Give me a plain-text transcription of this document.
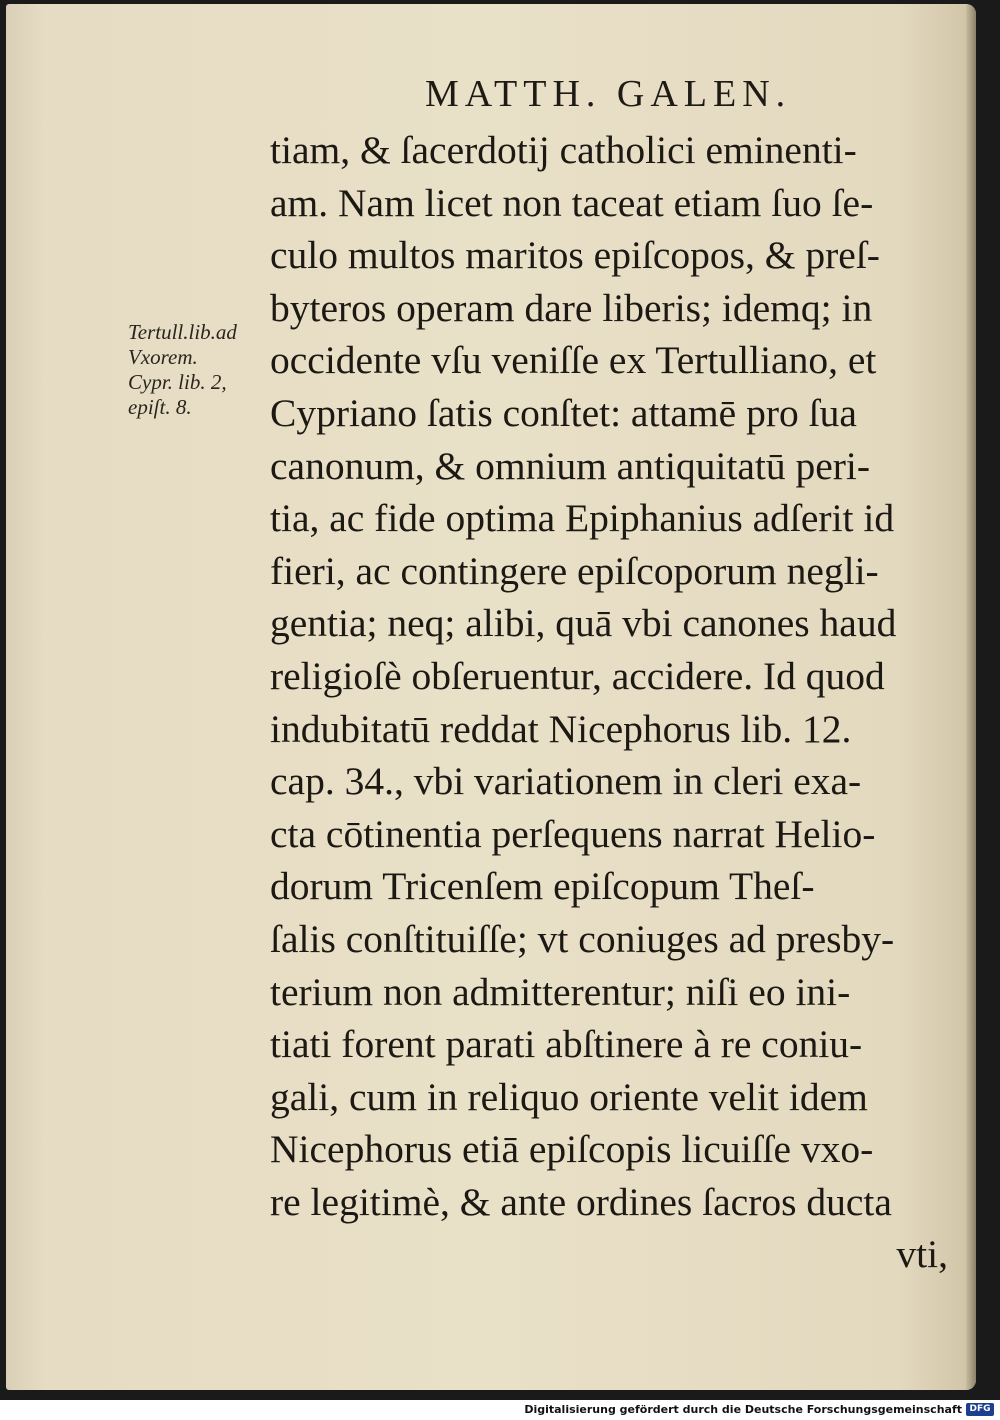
MATTH. GALEN.
Tertull.lib.ad
Vxorem.
Cypr. lib. 2,
epiſt. 8.
tiam, & ſacerdotij catholici eminenti-
am. Nam licet non taceat etiam ſuo ſe-
culo multos maritos epiſcopos, & preſ-
byteros operam dare liberis; idemq; in
occidente vſu veniſſe ex Tertulliano, et
Cypriano ſatis conſtet: attamē pro ſua
canonum, & omnium antiquitatū peri-
tia, ac fide optima Epiphanius adſerit id
fieri, ac contingere epiſcoporum negli-
gentia; neq; alibi, quā vbi canones haud
religioſè obſeruentur, accidere. Id quod
indubitatū reddat Nicephorus lib. 12.
cap. 34., vbi variationem in cleri exa-
cta cōtinentia perſequens narrat Helio-
dorum Tricenſem epiſcopum Theſ-
ſalis conſtituiſſe; vt coniuges ad presby-
terium non admitterentur; niſi eo ini-
tiati forent parati abſtinere à re coniu-
gali, cum in reliquo oriente velit idem
Nicephorus etiā epiſcopis licuiſſe vxo-
re legitimè, & ante ordines ſacros ducta
vti,
Digitalisierung gefördert durch die Deutsche Forschungsgemeinschaft DFG
